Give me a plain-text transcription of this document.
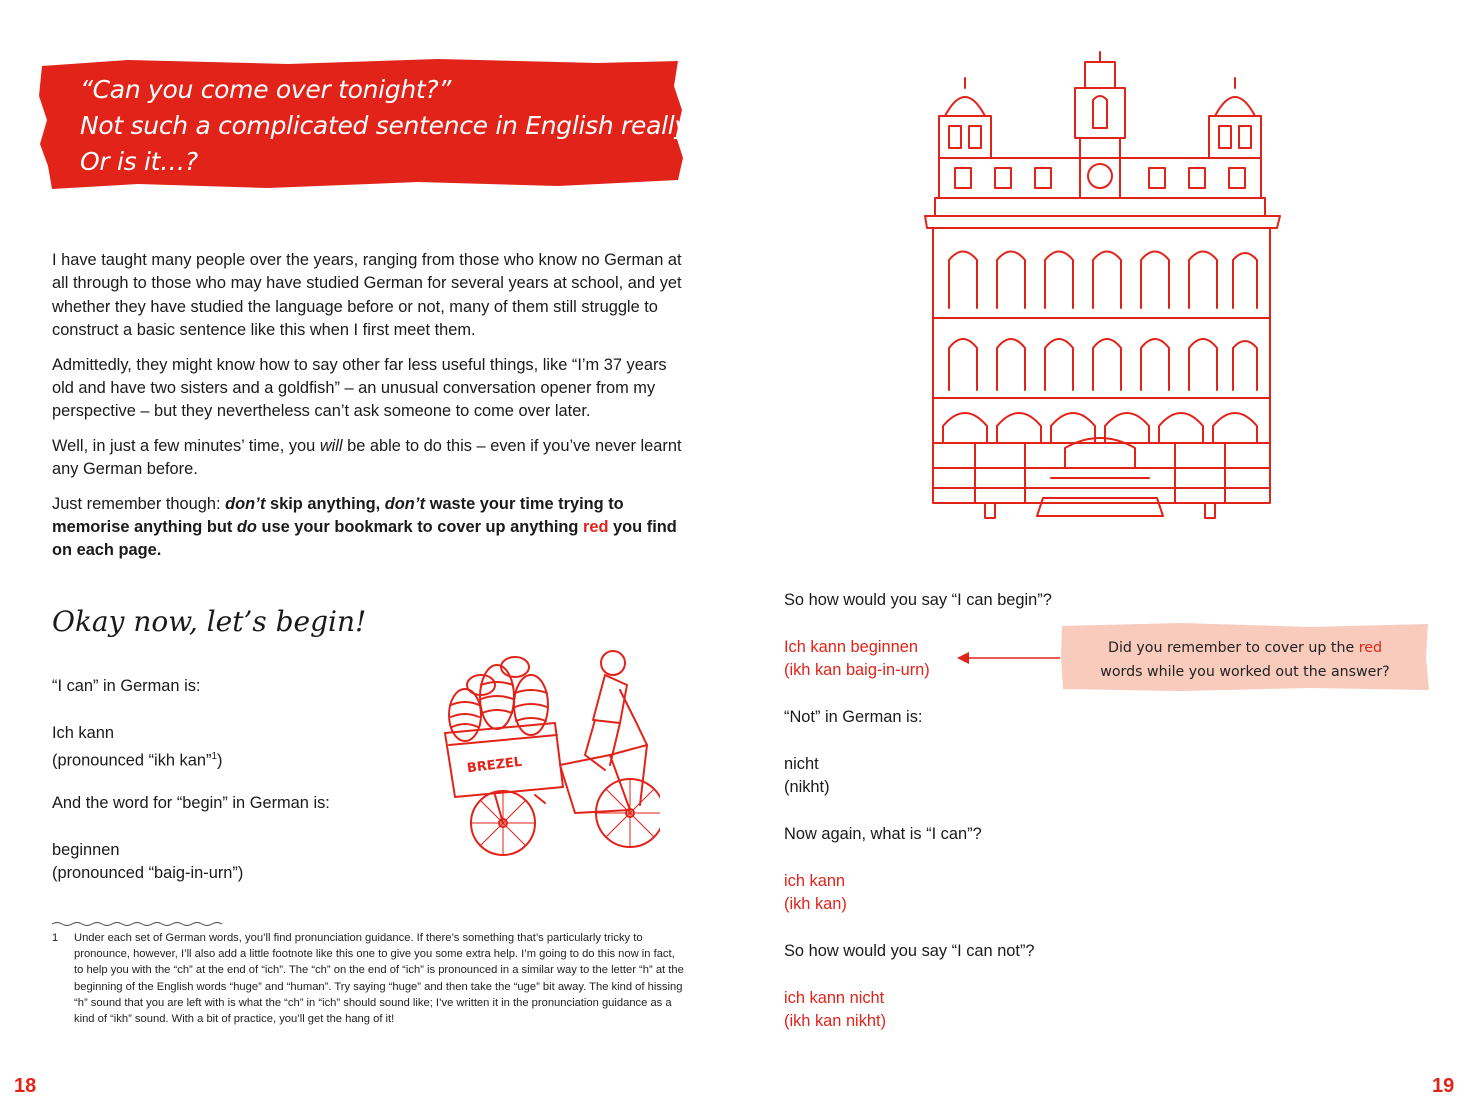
“Can you come over tonight?”
Not such a complicated sentence in English really, is it?
Or is it…?

I have taught many people over the years, ranging from those who know no German at all through to those who may have studied German for several years at school, and yet whether they have studied the language before or not, many of them still struggle to construct a basic sentence like this when I first meet them.

Admittedly, they might know how to say other far less useful things, like “I’m 37 years old and have two sisters and a goldfish” – an unusual conversation opener from my perspective – but they nevertheless can’t ask someone to come over later.

Well, in just a few minutes’ time, you will be able to do this – even if you’ve never learnt any German before.

Just remember though: don’t skip anything, don’t waste your time trying to memorise anything but do use your bookmark to cover up anything red you find on each page.

Okay now, let’s begin!
“I can” in German is:
Ich kann
(pronounced “ikh kan”$^1$)
And the word for “begin” in German is:
beginnen
(pronounced “baig-in-urn”)
1 Under each set of German words, you’ll find pronunciation guidance. If there’s something that’s particularly tricky to pronounce, however, I’ll also add a little footnote like this one to give you some extra help. I’m going to do this now in fact, to help you with the “ch” at the end of “ich”. The “ch” on the end of “ich” is pronounced in a similar way to the letter “h” at the beginning of the English words “huge” and “human”. Try saying “huge” and then take the “uge” bit away. The kind of hissing “h” sound that you are left with is what the “ch” in “ich” should sound like; I’ve written it in the pronunciation guidance as a kind of “ikh” sound. With a bit of practice, you’ll get the hang of it!
18	19
BREZEL
So how would you say “I can begin”?
Ich kann beginnen
(ikh kan baig-in-urn)
Did you remember to cover up the red
words while you worked out the answer?
“Not” in German is:
nicht
(nikht)
Now again, what is “I can”?
ich kann
(ikh kan)
So how would you say “I can not”?
ich kann nicht
(ikh kan nikht)
